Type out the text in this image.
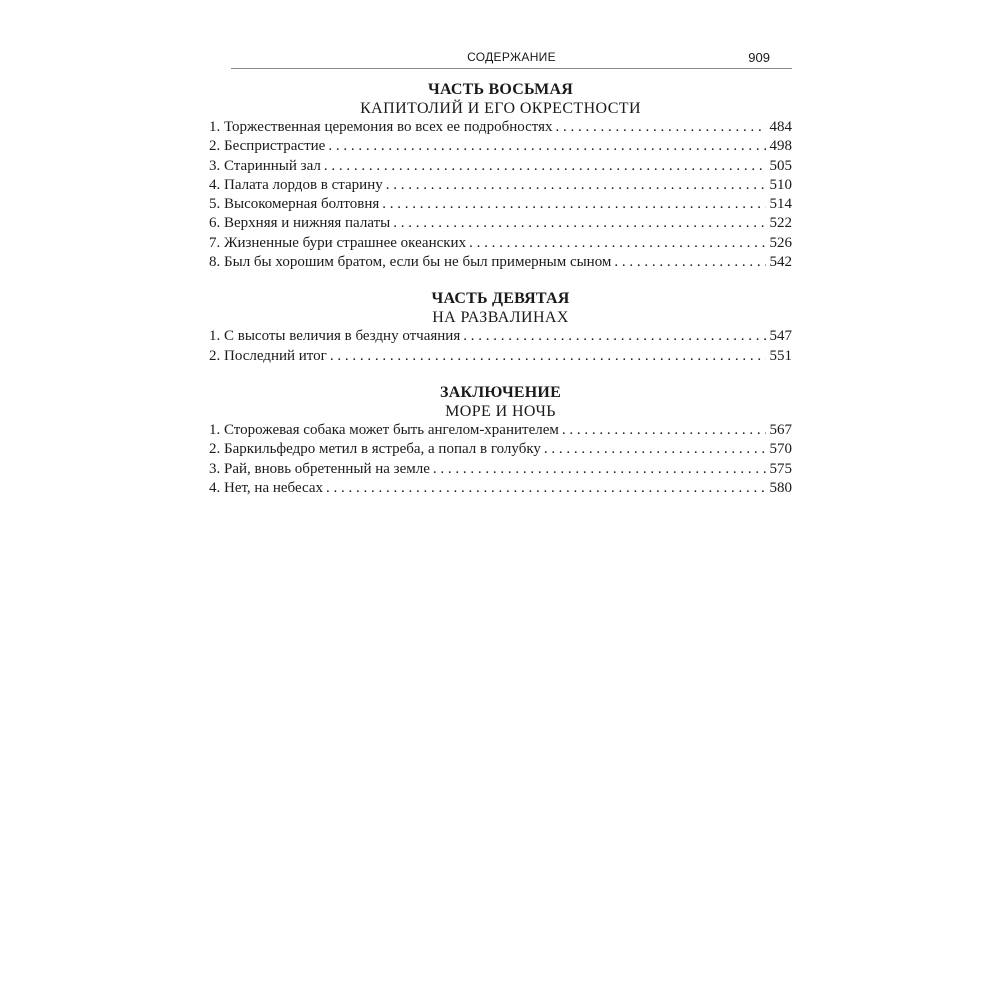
СОДЕРЖАНИЕ	909
ЧАСТЬ ВОСЬМАЯ
КАПИТОЛИЙ И ЕГО ОКРЕСТНОСТИ
1. Торжественная церемония во всех ее подробностях . . .	484
2. Беспристрастие . . .	498
3. Старинный зал . . .	505
4. Палата лордов в старину . . .	510
5. Высокомерная болтовня . . .	514
6. Верхняя и нижняя палаты . . .	522
7. Жизненные бури страшнее океанских . . .	526
8. Был бы хорошим братом, если бы не был примерным сыном . . .	542
ЧАСТЬ ДЕВЯТАЯ
НА РАЗВАЛИНАХ
1. С высоты величия в бездну отчаяния . . .	547
2. Последний итог . . .	551
ЗАКЛЮЧЕНИЕ
МОРЕ И НОЧЬ
1. Сторожевая собака может быть ангелом-хранителем . . .	567
2. Баркильфедро метил в ястреба, а попал в голубку . . .	570
3. Рай, вновь обретенный на земле . . .	575
4. Нет, на небесах . . .	580
